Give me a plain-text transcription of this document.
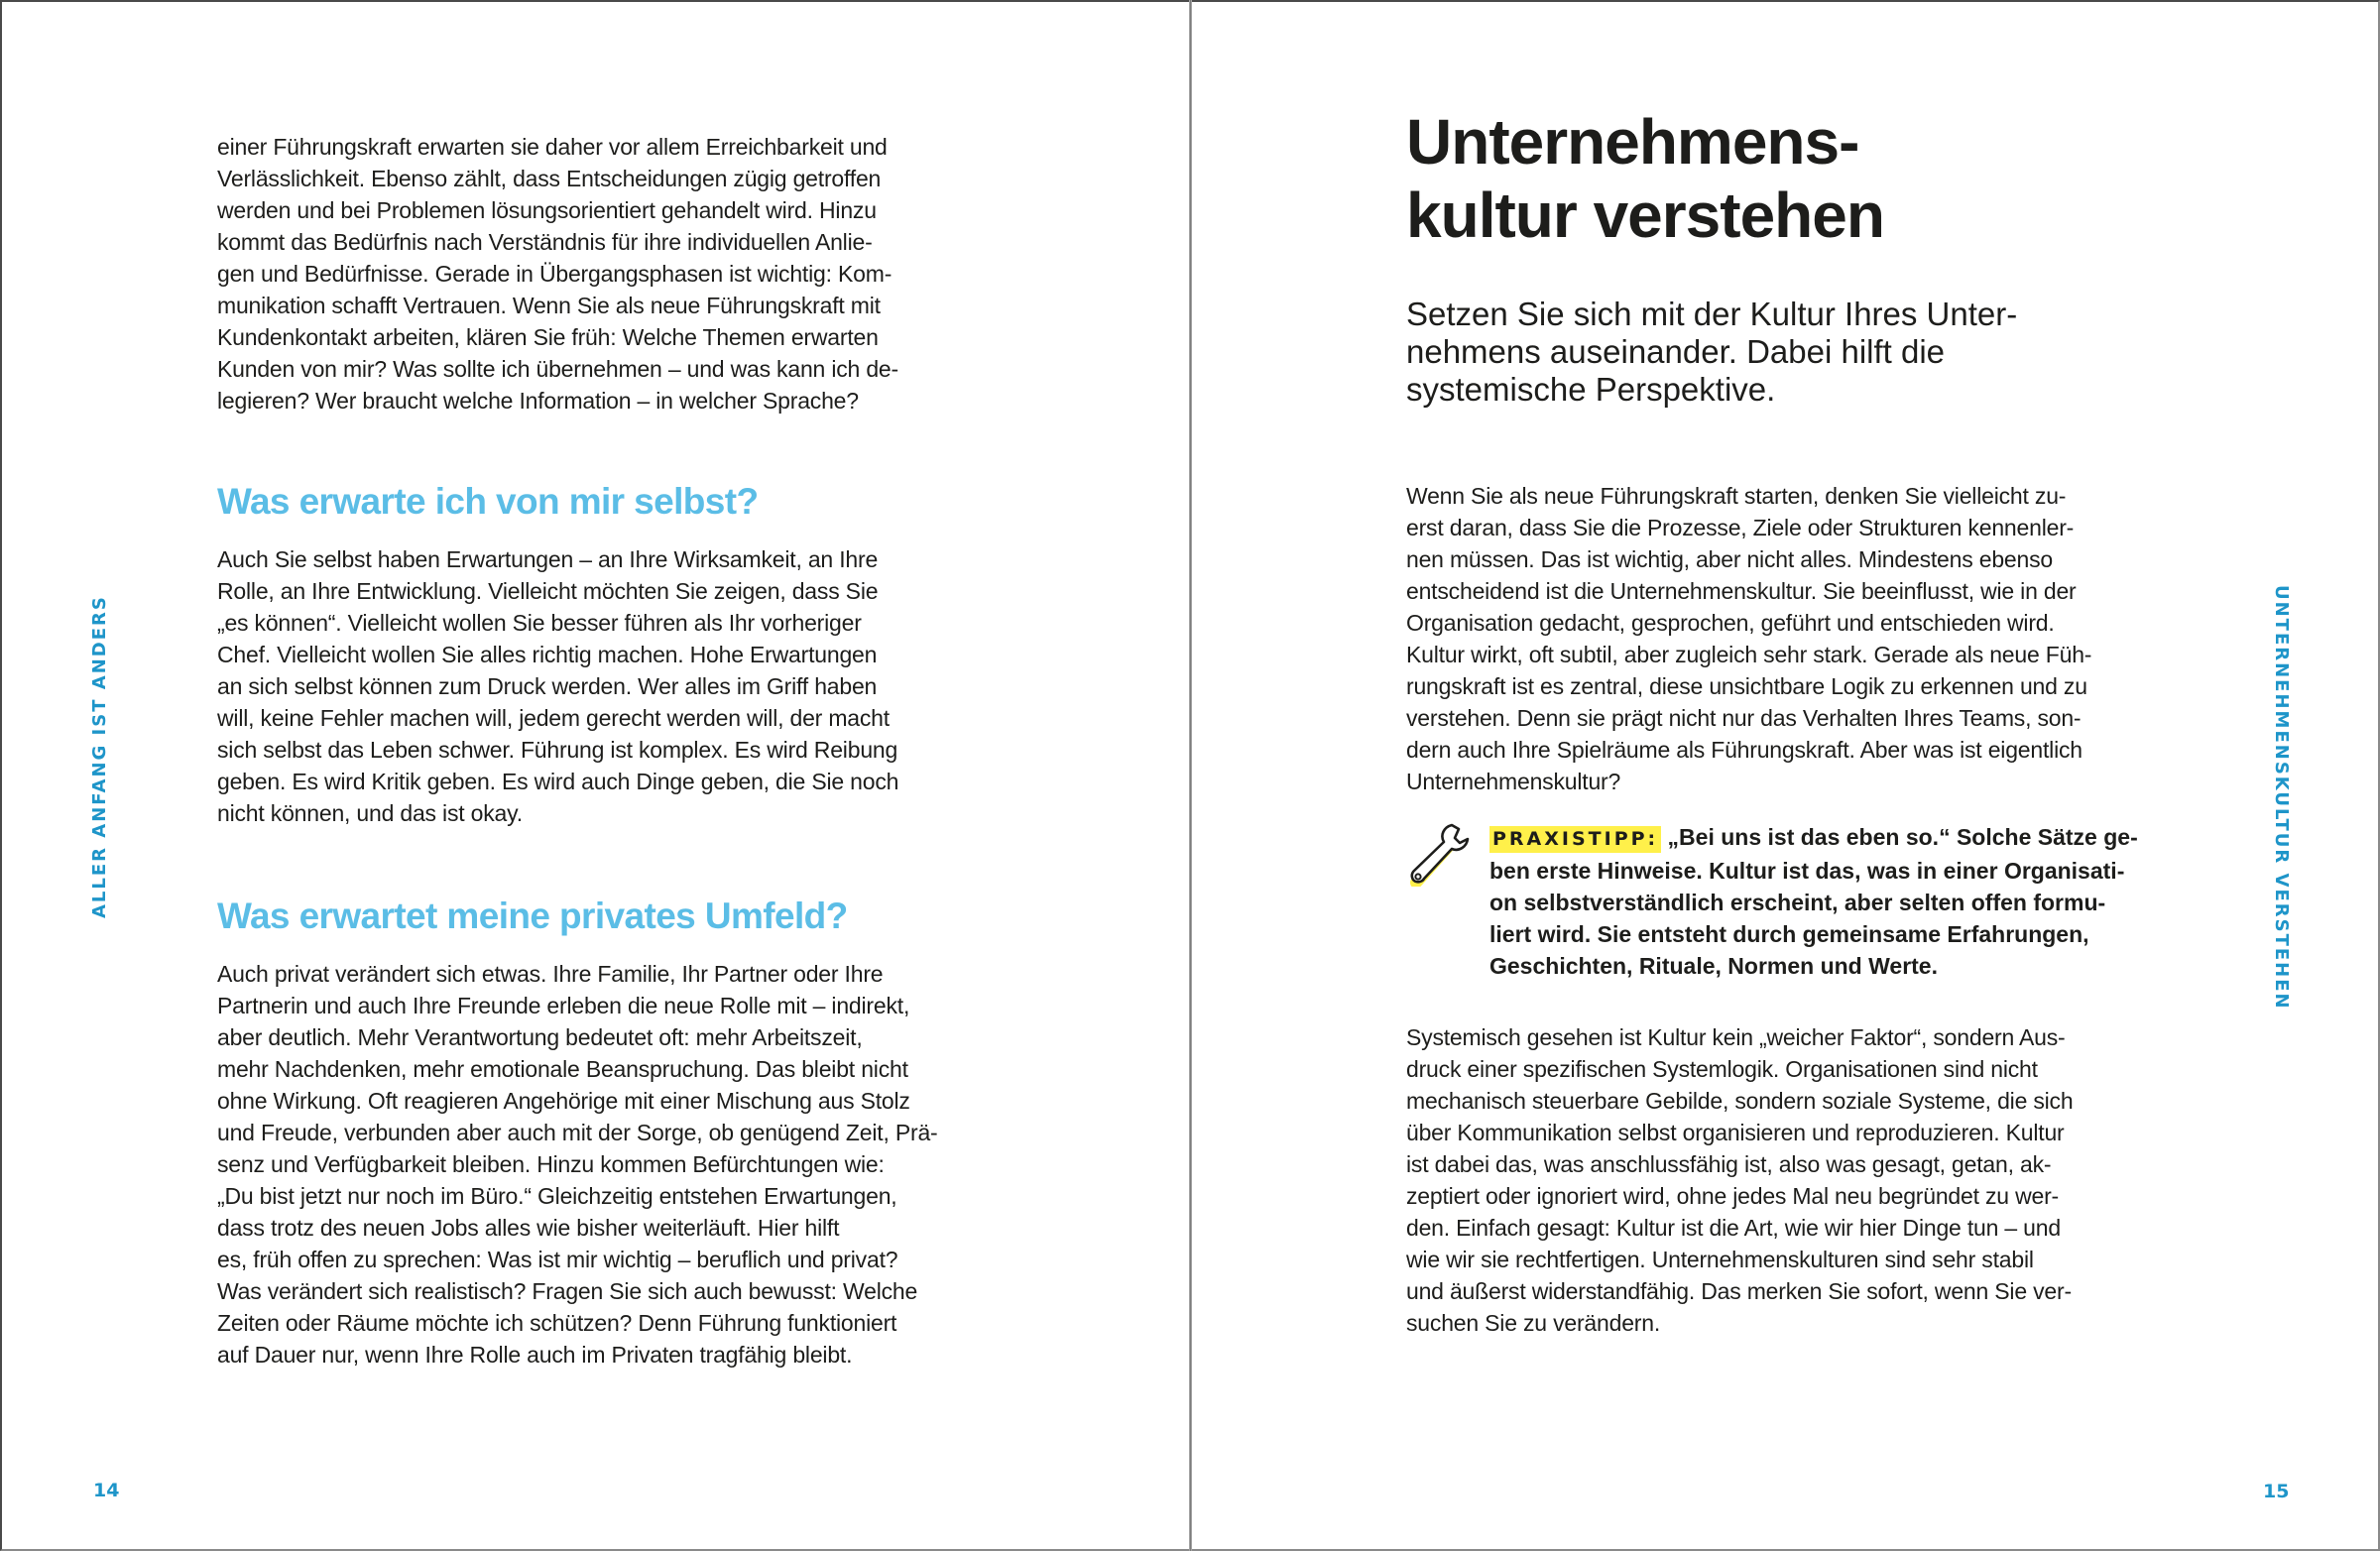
ALLER ANFANG IST ANDERS

einer Führungskraft erwarten sie daher vor allem Erreichbarkeit und
Verlässlichkeit. Ebenso zählt, dass Entscheidungen zügig getroffen
werden und bei Problemen lösungsorientiert gehandelt wird. Hinzu
kommt das Bedürfnis nach Verständnis für ihre individuellen Anlie-
gen und Bedürfnisse. Gerade in Übergangsphasen ist wichtig: Kom-
munikation schafft Vertrauen. Wenn Sie als neue Führungskraft mit
Kundenkontakt arbeiten, klären Sie früh: Welche Themen erwarten
Kunden von mir? Was sollte ich übernehmen – und was kann ich de-
legieren? Wer braucht welche Information – in welcher Sprache?

Was erwarte ich von mir selbst?

Auch Sie selbst haben Erwartungen – an Ihre Wirksamkeit, an Ihre
Rolle, an Ihre Entwicklung. Vielleicht möchten Sie zeigen, dass Sie
„es können“. Vielleicht wollen Sie besser führen als Ihr vorheriger
Chef. Vielleicht wollen Sie alles richtig machen. Hohe Erwartungen
an sich selbst können zum Druck werden. Wer alles im Griff haben
will, keine Fehler machen will, jedem gerecht werden will, der macht
sich selbst das Leben schwer. Führung ist komplex. Es wird Reibung
geben. Es wird Kritik geben. Es wird auch Dinge geben, die Sie noch
nicht können, und das ist okay.

Was erwartet meine privates Umfeld?

Auch privat verändert sich etwas. Ihre Familie, Ihr Partner oder Ihre
Partnerin und auch Ihre Freunde erleben die neue Rolle mit – indirekt,
aber deutlich. Mehr Verantwortung bedeutet oft: mehr Arbeitszeit,
mehr Nachdenken, mehr emotionale Beanspruchung. Das bleibt nicht
ohne Wirkung. Oft reagieren Angehörige mit einer Mischung aus Stolz
und Freude, verbunden aber auch mit der Sorge, ob genügend Zeit, Prä-
senz und Verfügbarkeit bleiben. Hinzu kommen Befürchtungen wie:
„Du bist jetzt nur noch im Büro.“ Gleichzeitig entstehen Erwartungen,
dass trotz des neuen Jobs alles wie bisher weiterläuft. Hier hilft
es, früh offen zu sprechen: Was ist mir wichtig – beruflich und privat?
Was verändert sich realistisch? Fragen Sie sich auch bewusst: Welche
Zeiten oder Räume möchte ich schützen? Denn Führung funktioniert
auf Dauer nur, wenn Ihre Rolle auch im Privaten tragfähig bleibt.

14
Unternehmens-
kultur verstehen

Setzen Sie sich mit der Kultur Ihres Unter-
nehmens auseinander. Dabei hilft die
systemische Perspektive.

Wenn Sie als neue Führungskraft starten, denken Sie vielleicht zu-
erst daran, dass Sie die Prozesse, Ziele oder Strukturen kennenler-
nen müssen. Das ist wichtig, aber nicht alles. Mindestens ebenso
entscheidend ist die Unternehmenskultur. Sie beeinflusst, wie in der
Organisation gedacht, gesprochen, geführt und entschieden wird.
Kultur wirkt, oft subtil, aber zugleich sehr stark. Gerade als neue Füh-
rungskraft ist es zentral, diese unsichtbare Logik zu erkennen und zu
verstehen. Denn sie prägt nicht nur das Verhalten Ihres Teams, son-
dern auch Ihre Spielräume als Führungskraft. Aber was ist eigentlich
Unternehmenskultur?

PRAXISTIPP: „Bei uns ist das eben so.“ Solche Sätze ge-
ben erste Hinweise. Kultur ist das, was in einer Organisati-
on selbstverständlich erscheint, aber selten offen formu-
liert wird. Sie entsteht durch gemeinsame Erfahrungen,
Geschichten, Rituale, Normen und Werte.

Systemisch gesehen ist Kultur kein „weicher Faktor“, sondern Aus-
druck einer spezifischen Systemlogik. Organisationen sind nicht
mechanisch steuerbare Gebilde, sondern soziale Systeme, die sich
über Kommunikation selbst organisieren und reproduzieren. Kultur
ist dabei das, was anschlussfähig ist, also was gesagt, getan, ak-
zeptiert oder ignoriert wird, ohne jedes Mal neu begründet zu wer-
den. Einfach gesagt: Kultur ist die Art, wie wir hier Dinge tun – und
wie wir sie rechtfertigen. Unternehmenskulturen sind sehr stabil
und äußerst widerstandfähig. Das merken Sie sofort, wenn Sie ver-
suchen Sie zu verändern.

UNTERNEHMENSKULTUR VERSTEHEN
15
